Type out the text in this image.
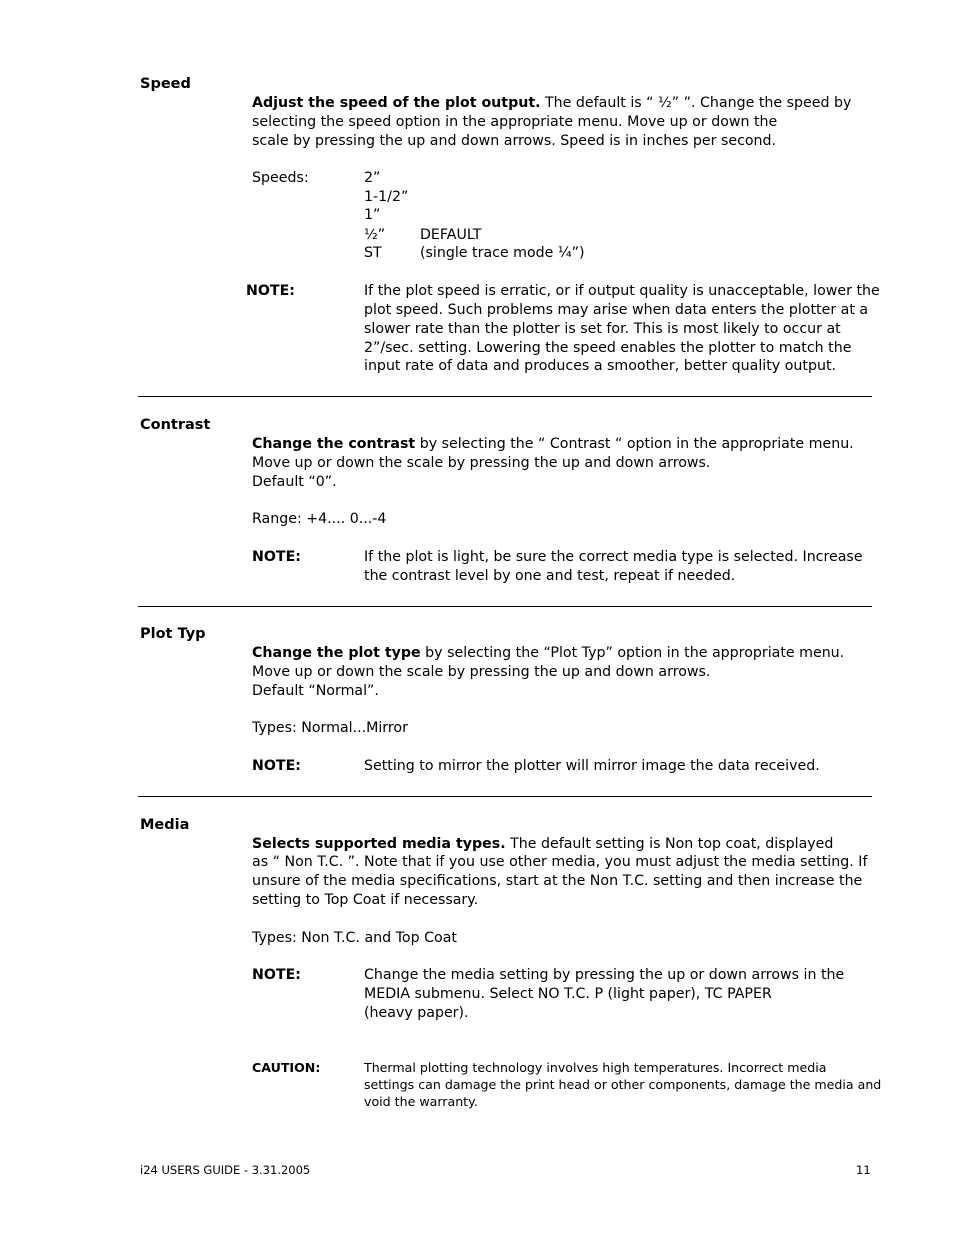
Speed
Adjust the speed of the plot output. The default is “ ½” ”. Change the speed by
selecting the speed option in the appropriate menu. Move up or down the
scale by pressing the up and down arrows. Speed is in inches per second.
Speeds:	2”
1-1/2”
1”
½” DEFAULT
ST	(single trace mode ¼”)
NOTE:	If the plot speed is erratic, or if output quality is unacceptable, lower the
plot speed. Such problems may arise when data enters the plotter at a
slower rate than the plotter is set for. This is most likely to occur at
2”/sec. setting. Lowering the speed enables the plotter to match the
input rate of data and produces a smoother, better quality output.
Contrast
Change the contrast by selecting the “ Contrast “ option in the appropriate menu.
Move up or down the scale by pressing the up and down arrows.
Default “0”.
Range: +4.... 0...-4
NOTE:	If the plot is light, be sure the correct media type is selected. Increase
the contrast level by one and test, repeat if needed.
Plot Typ
Change the plot type by selecting the “Plot Typ” option in the appropriate menu.
Move up or down the scale by pressing the up and down arrows.
Default “Normal”.
Types: Normal...Mirror
NOTE:	Setting to mirror the plotter will mirror image the data received.
Media
Selects supported media types. The default setting is Non top coat, displayed
as “ Non T.C. ”. Note that if you use other media, you must adjust the media setting. If
unsure of the media specifications, start at the Non T.C. setting and then increase the
setting to Top Coat if necessary.
Types: Non T.C. and Top Coat
NOTE:	Change the media setting by pressing the up or down arrows in the
MEDIA submenu. Select NO T.C. P (light paper), TC PAPER
(heavy paper).
CAUTION:	Thermal plotting technology involves high temperatures. Incorrect media
settings can damage the print head or other components, damage the media and
void the warranty.
i24 USERS GUIDE - 3.31.2005	11
